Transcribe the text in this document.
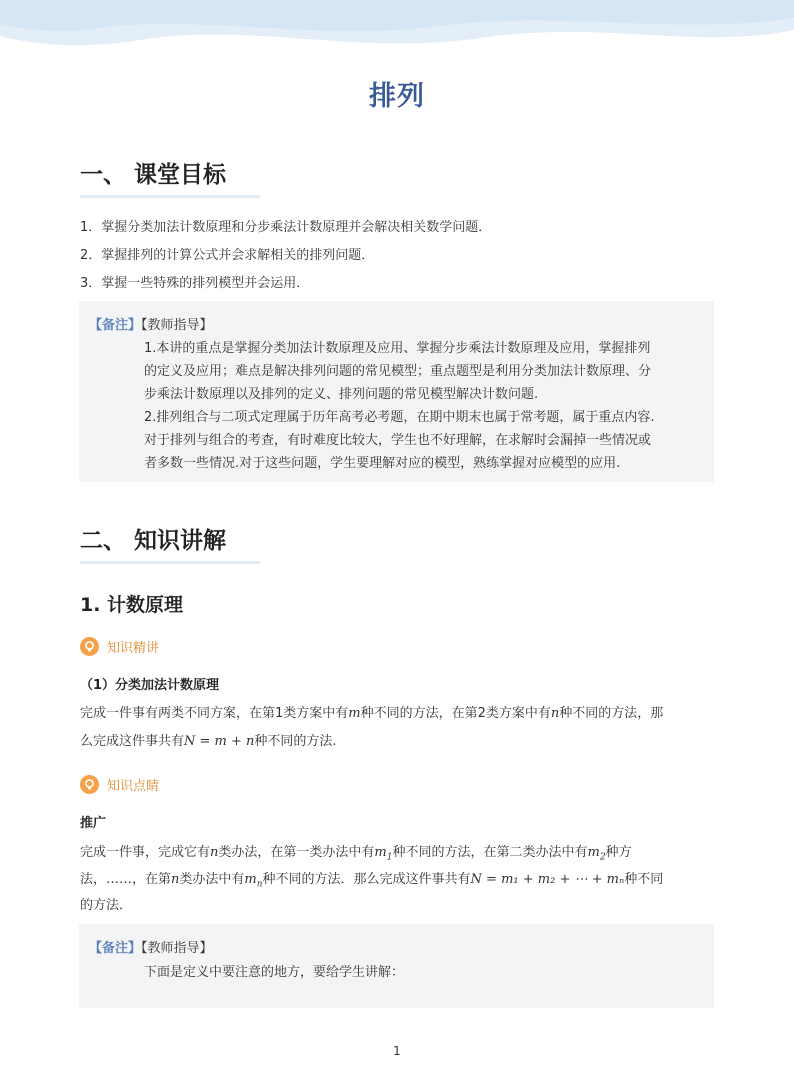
排列
一、 课堂目标
1．掌握分类加法计数原理和分步乘法计数原理并会解决相关数学问题．
2．掌握排列的计算公式并会求解相关的排列问题．
3．掌握一些特殊的排列模型并会运用．
【备注】【教师指导】
1.本讲的重点是掌握分类加法计数原理及应用、掌握分步乘法计数原理及应用，掌握排列
的定义及应用；难点是解决排列问题的常见模型；重点题型是利用分类加法计数原理、分
步乘法计数原理以及排列的定义、排列问题的常见模型解决计数问题.
2.排列组合与二项式定理属于历年高考必考题，在期中期末也属于常考题，属于重点内容.
对于排列与组合的考查，有时难度比较大，学生也不好理解，在求解时会漏掉一些情况或
者多数一些情况.对于这些问题，学生要理解对应的模型，熟练掌握对应模型的应用.
二、 知识讲解
1. 计数原理
知识精讲
（1）分类加法计数原理
完成一件事有两类不同方案，在第1类方案中有m种不同的方法，在第2类方案中有n种不同的方法，那
么完成这件事共有N = m + n种不同的方法.
知识点睛
推广
完成一件事，完成它有n类办法，在第一类办法中有$m_1$种不同的方法，在第二类办法中有$m_2$种方
法，……，在第n类办法中有$m_n$种不同的方法．那么完成这件事共有N = m₁ + m₂ + ⋯ + mₙ种不同
的方法．
【备注】【教师指导】
下面是定义中要注意的地方，要给学生讲解：
1
